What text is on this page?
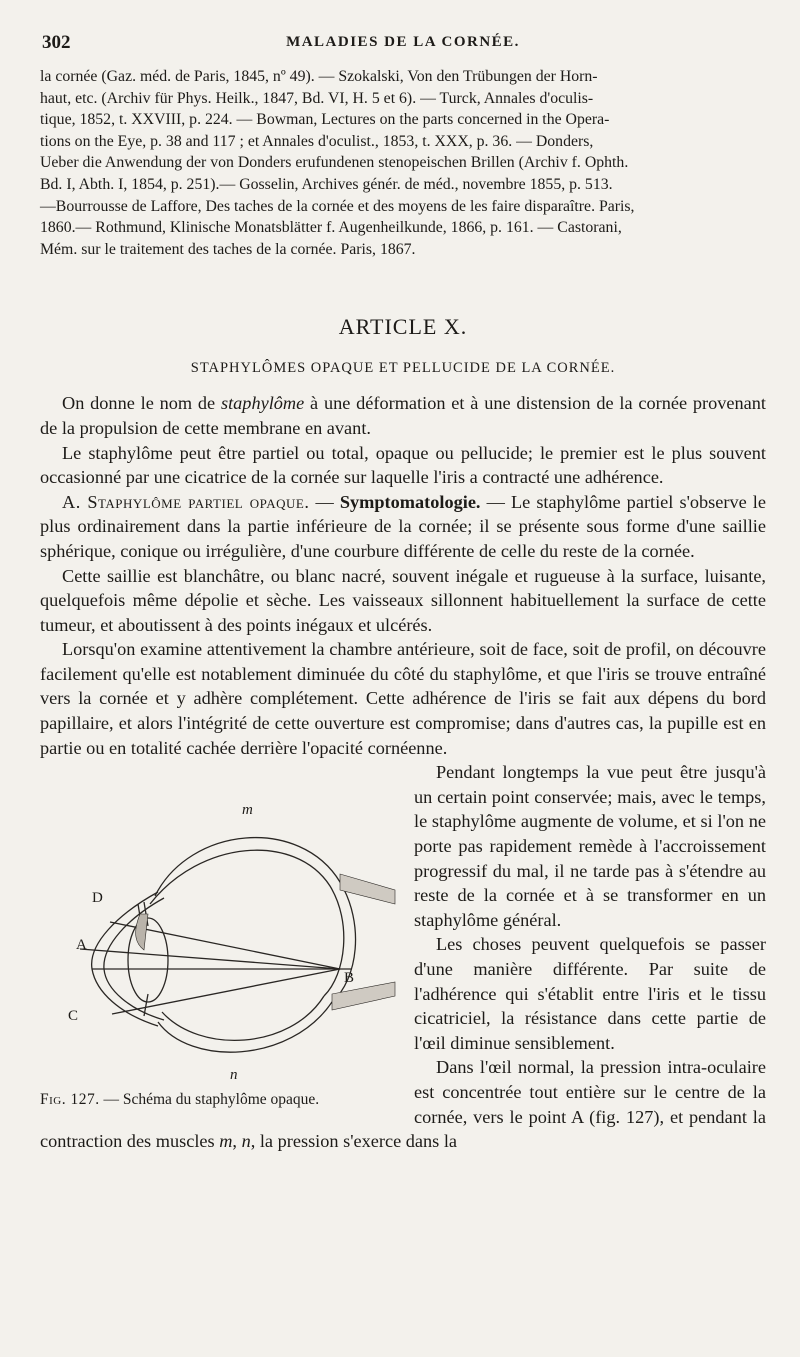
302	MALADIES DE LA CORNÉE.
la cornée (Gaz. méd. de Paris, 1845, nº 49). — Szokalski, Von den Trübungen der Horn-
haut, etc. (Archiv für Phys. Heilk., 1847, Bd. VI, H. 5 et 6). — Turck, Annales d'oculis-
tique, 1852, t. XXVIII, p. 224. — Bowman, Lectures on the parts concerned in the Opera-
tions on the Eye, p. 38 and 117 ; et Annales d'oculist., 1853, t. XXX, p. 36. — Donders,
Ueber die Anwendung der von Donders erufundenen stenopeischen Brillen (Archiv f. Ophth.
Bd. I, Abth. I, 1854, p. 251).— Gosselin, Archives génér. de méd., novembre 1855, p. 513.
—Bourrousse de Laffore, Des taches de la cornée et des moyens de les faire disparaître. Paris,
1860.— Rothmund, Klinische Monatsblätter f. Augenheilkunde, 1866, p. 161. — Castorani,
Mém. sur le traitement des taches de la cornée. Paris, 1867.
ARTICLE X.
STAPHYLÔMES OPAQUE ET PELLUCIDE DE LA CORNÉE.

On donne le nom de staphylôme à une déformation et à une distension de la cornée provenant de la propulsion de cette membrane en avant.

Le staphylôme peut être partiel ou total, opaque ou pellucide; le premier est le plus souvent occasionné par une cicatrice de la cornée sur laquelle l'iris a contracté une adhérence.

A. Staphylôme partiel opaque. — Symptomatologie. — Le staphylôme partiel s'observe le plus ordinairement dans la partie inférieure de la cornée; il se présente sous forme d'une saillie sphérique, conique ou irrégulière, d'une courbure différente de celle du reste de la cornée.

Cette saillie est blanchâtre, ou blanc nacré, souvent inégale et rugueuse à la surface, luisante, quelquefois même dépolie et sèche. Les vaisseaux sillonnent habituellement la surface de cette tumeur, et aboutissent à des points inégaux et ulcérés.

Lorsqu'on examine attentivement la chambre antérieure, soit de face, soit de profil, on découvre facilement qu'elle est notablement diminuée du côté du staphylôme, et que l'iris se trouve entraîné vers la cornée et y adhère complétement. Cette adhérence de l'iris se fait aux dépens du bord papillaire, et alors l'intégrité de cette ouverture est compromise; dans d'autres cas, la pupille est en partie ou en totalité cachée derrière l'opacité cornéenne.

m
n
A
B
C
D
Fig. 127. — Schéma du staphylôme opaque.

Pendant longtemps la vue peut être jusqu'à un certain point conservée; mais, avec le temps, le staphylôme augmente de volume, et si l'on ne porte pas rapidement remède à l'accroissement progressif du mal, il ne tarde pas à s'étendre au reste de la cornée et à se transformer en un staphylôme général.

Les choses peuvent quelquefois se passer d'une manière différente. Par suite de l'adhérence qui s'établit entre l'iris et le tissu cicatriciel, la résistance dans cette partie de l'œil diminue sensiblement.

Dans l'œil normal, la pression intra-oculaire est concentrée tout entière sur le centre de la cornée, vers le point A (fig. 127), et pendant la contraction des muscles m, n, la pression s'exerce dans la
